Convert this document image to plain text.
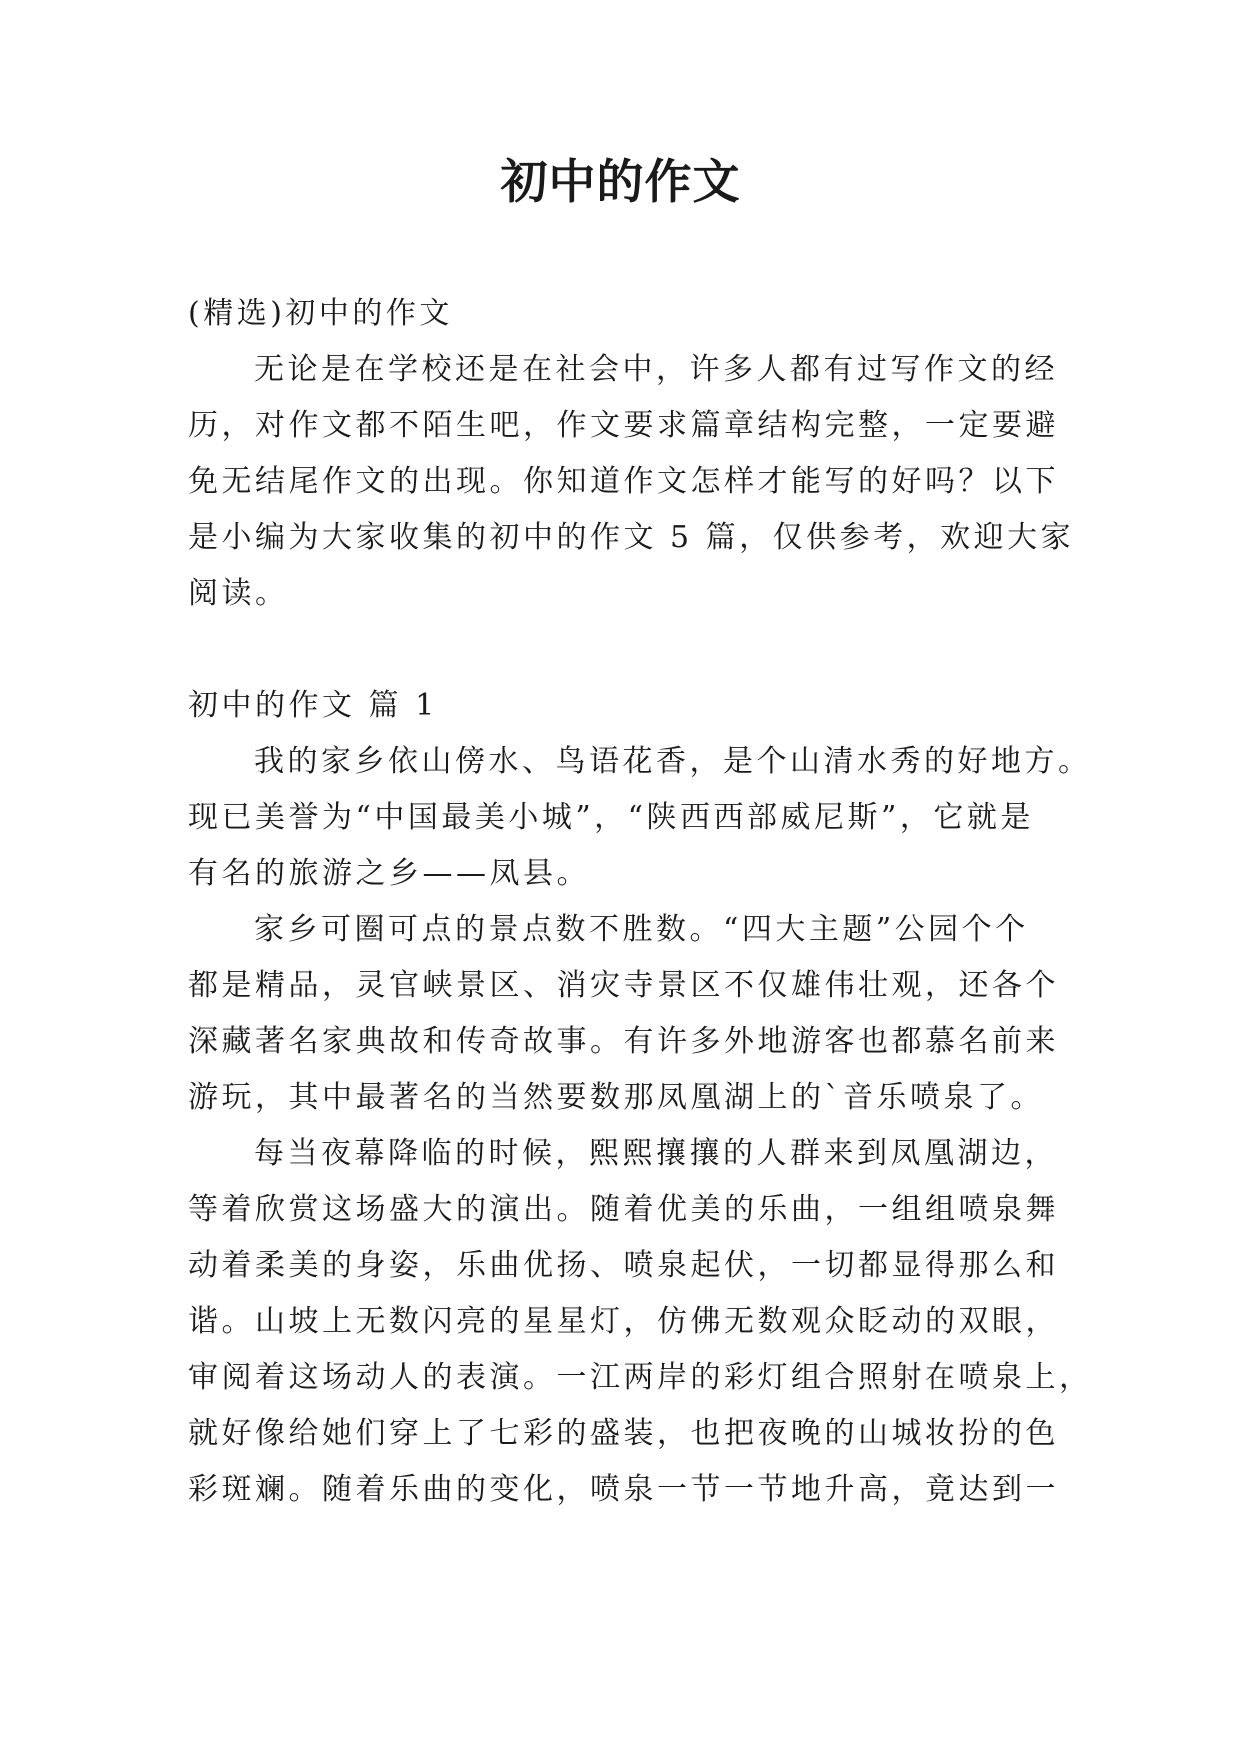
初中的作文

(精选)初中的作文

无论是在学校还是在社会中，许多人都有过写作文的经

历，对作文都不陌生吧，作文要求篇章结构完整，一定要避

免无结尾作文的出现。你知道作文怎样才能写的好吗？以下

是小编为大家收集的初中的作文 5 篇，仅供参考，欢迎大家

阅读。

初中的作文 篇 1

我的家乡依山傍水、鸟语花香，是个山清水秀的好地方。

现已美誉为“中国最美小城”，“陕西西部威尼斯”，它就是

有名的旅游之乡——凤县。

家乡可圈可点的景点数不胜数。“四大主题”公园个个

都是精品，灵官峡景区、消灾寺景区不仅雄伟壮观，还各个

深藏著名家典故和传奇故事。有许多外地游客也都慕名前来

游玩，其中最著名的当然要数那凤凰湖上的`音乐喷泉了。

每当夜幕降临的时候，熙熙攘攘的人群来到凤凰湖边，

等着欣赏这场盛大的演出。随着优美的乐曲，一组组喷泉舞

动着柔美的身姿，乐曲优扬、喷泉起伏，一切都显得那么和

谐。山坡上无数闪亮的星星灯，仿佛无数观众眨动的双眼，

审阅着这场动人的表演。一江两岸的彩灯组合照射在喷泉上，

就好像给她们穿上了七彩的盛装，也把夜晚的山城妆扮的色

彩斑斓。随着乐曲的变化，喷泉一节一节地升高，竟达到一
